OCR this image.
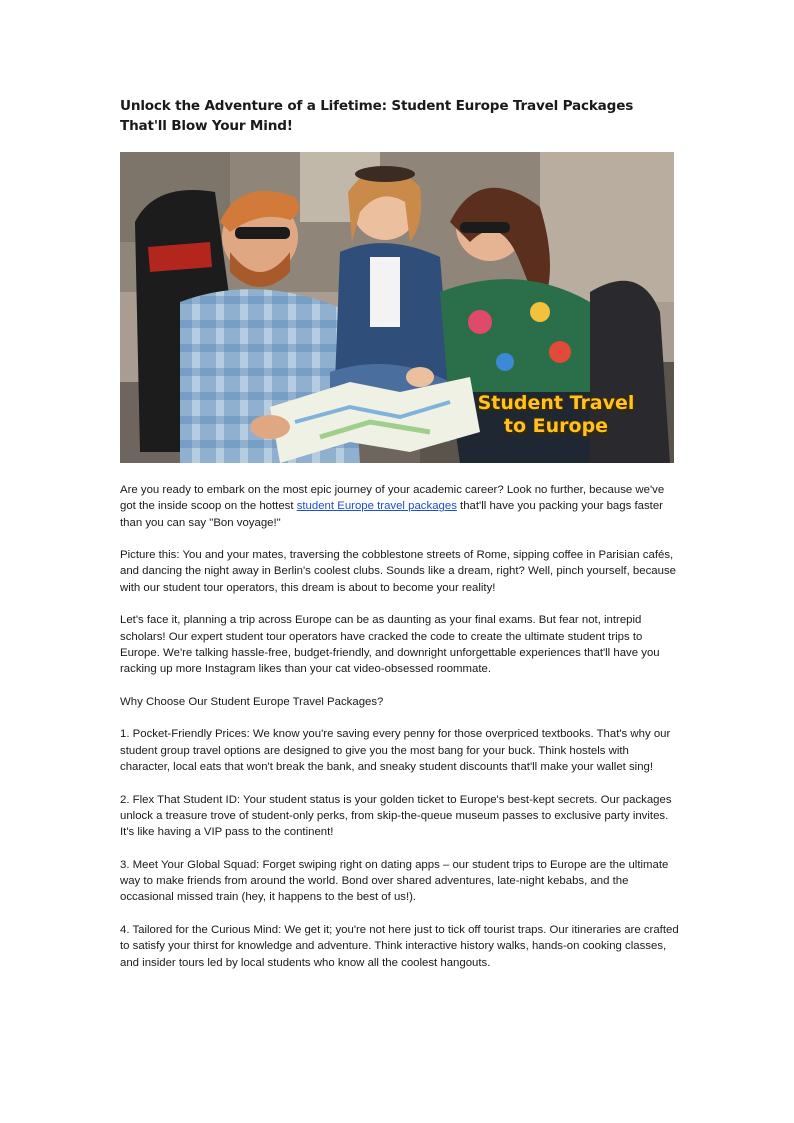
Unlock the Adventure of a Lifetime: Student Europe Travel Packages That'll Blow Your Mind!
Student Travel to Europe

Are you ready to embark on the most epic journey of your academic career? Look no further, because we've got the inside scoop on the hottest student Europe travel packages that'll have you packing your bags faster than you can say "Bon voyage!"

Picture this: You and your mates, traversing the cobblestone streets of Rome, sipping coffee in Parisian cafés, and dancing the night away in Berlin's coolest clubs. Sounds like a dream, right? Well, pinch yourself, because with our student tour operators, this dream is about to become your reality!

Let's face it, planning a trip across Europe can be as daunting as your final exams. But fear not, intrepid scholars! Our expert student tour operators have cracked the code to create the ultimate student trips to Europe. We're talking hassle-free, budget-friendly, and downright unforgettable experiences that'll have you racking up more Instagram likes than your cat video-obsessed roommate.

Why Choose Our Student Europe Travel Packages?

1. Pocket-Friendly Prices: We know you're saving every penny for those overpriced textbooks. That's why our student group travel options are designed to give you the most bang for your buck. Think hostels with character, local eats that won't break the bank, and sneaky student discounts that'll make your wallet sing!

2. Flex That Student ID: Your student status is your golden ticket to Europe's best-kept secrets. Our packages unlock a treasure trove of student-only perks, from skip-the-queue museum passes to exclusive party invites. It's like having a VIP pass to the continent!

3. Meet Your Global Squad: Forget swiping right on dating apps – our student trips to Europe are the ultimate way to make friends from around the world. Bond over shared adventures, late-night kebabs, and the occasional missed train (hey, it happens to the best of us!).

4. Tailored for the Curious Mind: We get it; you're not here just to tick off tourist traps. Our itineraries are crafted to satisfy your thirst for knowledge and adventure. Think interactive history walks, hands-on cooking classes, and insider tours led by local students who know all the coolest hangouts.
